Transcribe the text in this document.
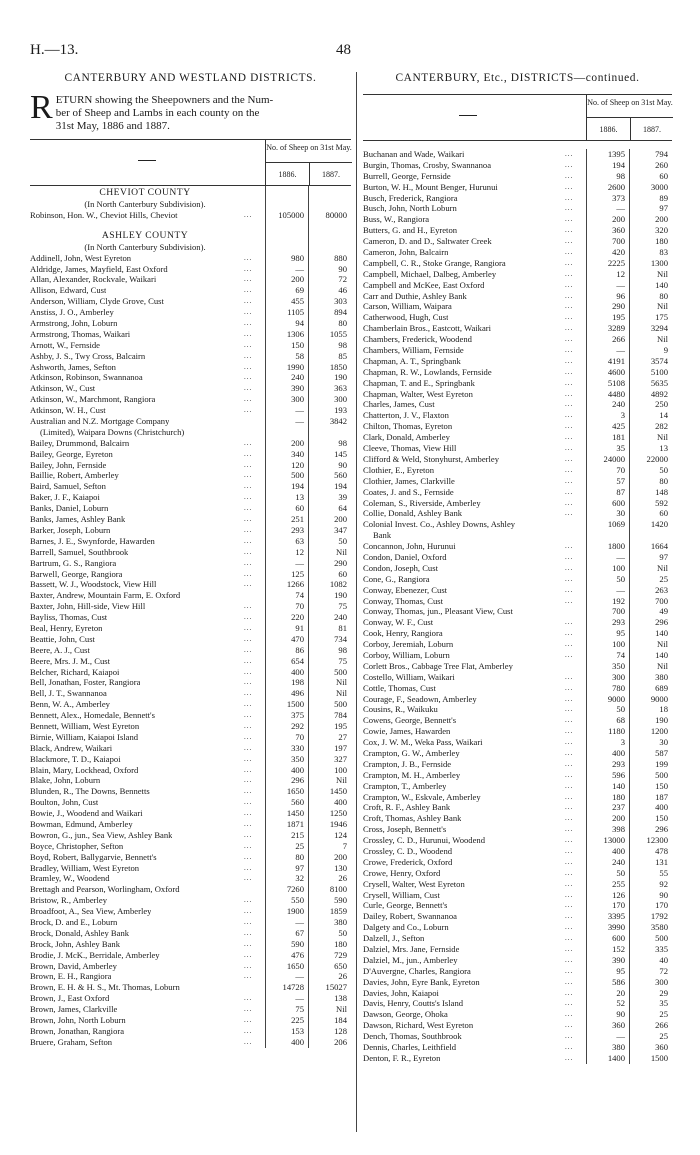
H.—13.	48
CANTERBURY AND WESTLAND DISTRICTS.
R ETURN showing the Sheepowners and the Num-
ber of Sheep and Lambs in each county on the
31st May, 1886 and 1887.
No. of Sheep on 31st May.
1886.	1887.
CHEVIOT COUNTY
(In North Canterbury Subdivision).
Robinson, Hon. W., Cheviot Hills, Cheviot	...	105000	80000
ASHLEY COUNTY
(In North Canterbury Subdivision).
Addinell, John, West Eyreton	...	980	880
Aldridge, James, Mayfield, East Oxford	...	—	90
Allan, Alexander, Rockvale, Waikari	...	200	72
Allison, Edward, Cust	...	69	46
Anderson, William, Clyde Grove, Cust	...	455	303
Anstiss, J. O., Amberley	...	1105	894
Armstrong, John, Loburn	...	94	80
Armstrong, Thomas, Waikari	...	1306	1055
Arnott, W., Fernside	...	150	98
Ashby, J. S., Twy Cross, Balcairn	...	58	85
Ashworth, James, Sefton	...	1990	1850
Atkinson, Robinson, Swannanoa	...	240	190
Atkinson, W., Cust	...	390	363
Atkinson, W., Marchmont, Rangiora	...	300	300
Atkinson, W. H., Cust	...	—	193
Australian and N.Z. Mortgage Company	—	3842
(Limited), Waipara Downs (Christchurch)
Bailey, Drummond, Balcairn	...	200	98
Bailey, George, Eyreton	...	340	145
Bailey, John, Fernside	...	120	90
Baillie, Robert, Amberley	...	500	560
Baird, Samuel, Sefton	...	194	194
Baker, J. F., Kaiapoi	...	13	39
Banks, Daniel, Loburn	...	60	64
Banks, James, Ashley Bank	...	251	200
Barker, Joseph, Loburn	...	293	347
Barnes, J. E., Swynforde, Hawarden	...	63	50
Barrell, Samuel, Southbrook	...	12	Nil
Bartrum, G. S., Rangiora	...	—	290
Barwell, George, Rangiora	...	125	60
Bassett, W. J., Woodstock, View Hill	...	1266	1082
Baxter, Andrew, Mountain Farm, E. Oxford	74	190
Baxter, John, Hill-side, View Hill	...	70	75
Bayliss, Thomas, Cust	...	220	240
Beal, Henry, Eyreton	...	91	81
Beattie, John, Cust	...	470	734
Beere, A. J., Cust	...	86	98
Beere, Mrs. J. M., Cust	...	654	75
Belcher, Richard, Kaiapoi	...	400	500
Bell, Jonathan, Foster, Rangiora	...	198	Nil
Bell, J. T., Swannanoa	...	496	Nil
Benn, W. A., Amberley	...	1500	500
Bennett, Alex., Homedale, Bennett's	...	375	784
Bennett, William, West Eyreton	...	292	195
Birnie, William, Kaiapoi Island	...	70	27
Black, Andrew, Waikari	...	330	197
Blackmore, T. D., Kaiapoi	...	350	327
Blain, Mary, Lockhead, Oxford	...	400	100
Blake, John, Loburn	...	296	Nil
Blunden, R., The Downs, Bennetts	...	1650	1450
Boulton, John, Cust	...	560	400
Bowie, J., Woodend and Waikari	...	1450	1250
Bowman, Edmund, Amberley	...	1871	1946
Bowron, G., jun., Sea View, Ashley Bank	...	215	124
Boyce, Christopher, Sefton	...	25	7
Boyd, Robert, Ballygarvie, Bennett's	...	80	200
Bradley, William, West Eyreton	...	97	130
Bramley, W., Woodend	...	32	26
Brettagh and Pearson, Worlingham, Oxford	7260	8100
Bristow, R., Amberley	...	550	590
Broadfoot, A., Sea View, Amberley	...	1900	1859
Brock, D. and E., Loburn	...	—	380
Brock, Donald, Ashley Bank	...	67	50
Brock, John, Ashley Bank	...	590	180
Brodie, J. McK., Berridale, Amberley	...	476	729
Brown, David, Amberley	...	1650	650
Brown, E. H., Rangiora	...	—	26
Brown, E. H. & H. S., Mt. Thomas, Loburn	14728	15027
Brown, J., East Oxford	...	—	138
Brown, James, Clarkville	...	75	Nil
Brown, John, North Loburn	...	225	184
Brown, Jonathan, Rangiora	...	153	128
Bruere, Graham, Sefton	...	400	206
CANTERBURY, Etc., DISTRICTS—continued.
No. of Sheep on 31st May.
1886.	1887.
Buchanan and Wade, Waikari	...	1395	794
Burgin, Thomas, Crosby, Swannanoa	...	194	260
Burrell, George, Fernside	...	98	60
Burton, W. H., Mount Benger, Hurunui	...	2600	3000
Busch, Frederick, Rangiora	...	373	89
Busch, John, North Loburn	...	—	97
Buss, W., Rangiora	...	200	200
Butters, G. and H., Eyreton	...	360	320
Cameron, D. and D., Saltwater Creek	...	700	180
Cameron, John, Balcairn	...	420	83
Campbell, C. R., Stoke Grange, Rangiora	...	2225	1300
Campbell, Michael, Dalbeg, Amberley	...	12	Nil
Campbell and McKee, East Oxford	...	—	140
Carr and Duthie, Ashley Bank	...	96	80
Carson, William, Waipara	...	290	Nil
Catherwood, Hugh, Cust	...	195	175
Chamberlain Bros., Eastcott, Waikari	...	3289	3294
Chambers, Frederick, Woodend	...	266	Nil
Chambers, William, Fernside	...	—	9
Chapman, A. T., Springbank	...	4191	3574
Chapman, R. W., Lowlands, Fernside	...	4600	5100
Chapman, T. and E., Springbank	...	5108	5635
Chapman, Walter, West Eyreton	...	4480	4892
Charles, James, Cust	...	240	250
Chatterton, J. V., Flaxton	...	3	14
Chilton, Thomas, Eyreton	...	425	282
Clark, Donald, Amberley	...	181	Nil
Cleeve, Thomas, View Hill	...	35	13
Clifford & Weld, Stonyhurst, Amberley	...	24000	22000
Clothier, E., Eyreton	...	70	50
Clothier, James, Clarkville	...	57	80
Coates, J. and S., Fernside	...	87	148
Coleman, S., Riverside, Amberley	...	600	592
Collie, Donald, Ashley Bank	...	30	60
Colonial Invest. Co., Ashley Downs, Ashley	1069	1420
Bank
Concannon, John, Hurunui	...	1800	1664
Condon, Daniel, Oxford	...	—	97
Condon, Joseph, Cust	...	100	Nil
Cone, G., Rangiora	...	50	25
Conway, Ebenezer, Cust	...	—	263
Conway, Thomas, Cust	...	192	700
Conway, Thomas, jun., Pleasant View, Cust	700	49
Conway, W. F., Cust	...	293	296
Cook, Henry, Rangiora	...	95	140
Corboy, Jeremiah, Loburn	...	100	Nil
Corboy, William, Loburn	...	74	140
Corlett Bros., Cabbage Tree Flat, Amberley	350	Nil
Costello, William, Waikari	...	300	380
Cottle, Thomas, Cust	...	780	689
Courage, F., Seadown, Amberley	...	9000	9000
Cousins, R., Waikuku	...	50	18
Cowens, George, Bennett's	...	68	190
Cowie, James, Hawarden	...	1180	1200
Cox, J. W. M., Weka Pass, Waikari	...	3	30
Crampton, G. W., Amberley	...	400	587
Crampton, J. B., Fernside	...	293	199
Crampton, M. H., Amberley	...	596	500
Crampton, T., Amberley	...	140	150
Crampton, W., Eskvale, Amberley	...	180	187
Croft, R. F., Ashley Bank	...	237	400
Croft, Thomas, Ashley Bank	...	200	150
Cross, Joseph, Bennett's	...	398	296
Crossley, C. D., Hurunui, Woodend	...	13000	12300
Crossley, C. D., Woodend	...	400	478
Crowe, Frederick, Oxford	...	240	131
Crowe, Henry, Oxford	...	50	55
Crysell, Walter, West Eyreton	...	255	92
Crysell, William, Cust	...	126	90
Curle, George, Bennett's	...	170	170
Dailey, Robert, Swannanoa	...	3395	1792
Dalgety and Co., Loburn	...	3990	3580
Dalzell, J., Sefton	...	600	500
Dalziel, Mrs. Jane, Fernside	...	152	335
Dalziel, M., jun., Amberley	...	390	40
D'Auvergne, Charles, Rangiora	...	95	72
Davies, John, Eyre Bank, Eyreton	...	586	300
Davies, John, Kaiapoi	...	20	29
Davis, Henry, Coutts's Island	...	52	35
Dawson, George, Ohoka	...	90	25
Dawson, Richard, West Eyreton	...	360	266
Dench, Thomas, Southbrook	...	—	25
Dennis, Charles, Leithfield	...	380	360
Denton, F. R., Eyreton	...	1400	1500
